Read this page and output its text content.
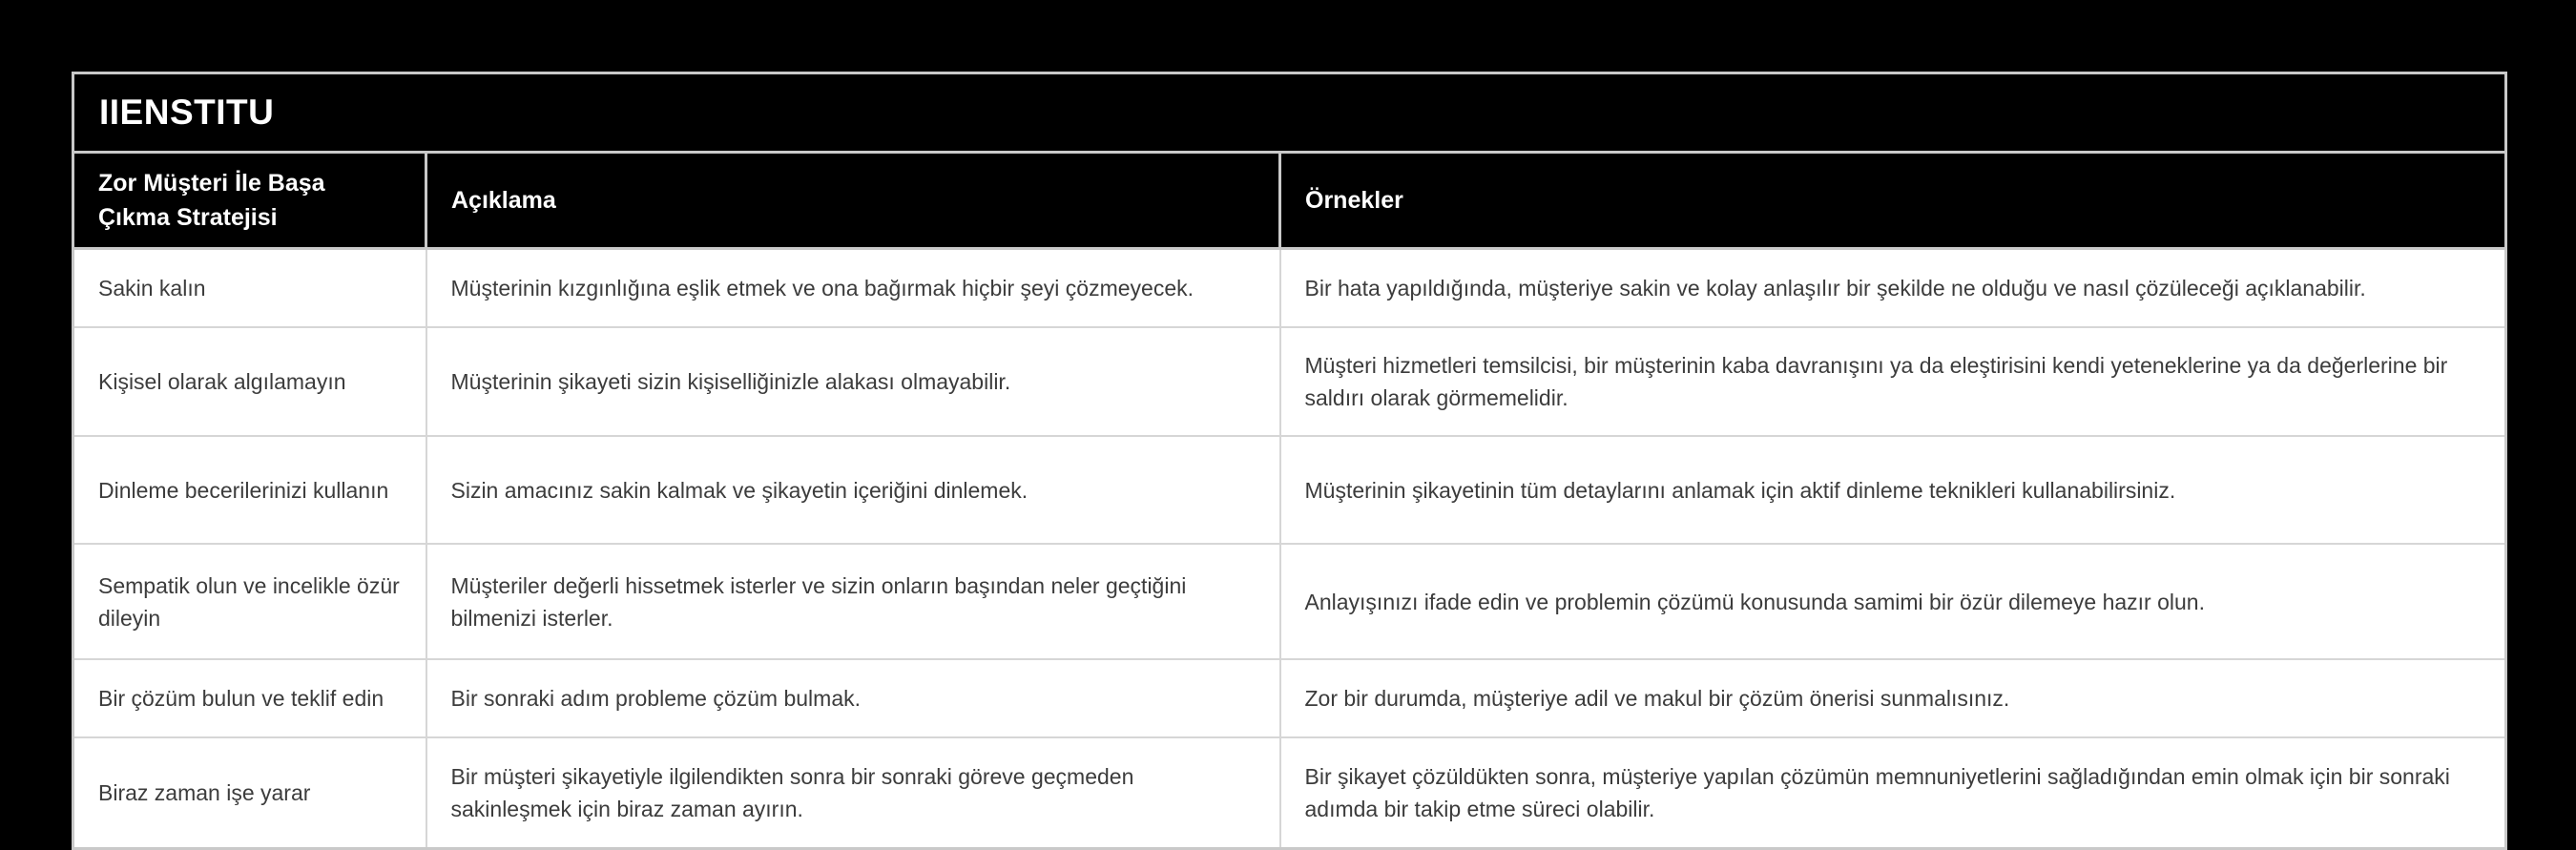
IIENSTITU		
Zor Müşteri İle Başa Çıkma Stratejisi	Açıklama	Örnekler
Sakin kalın	Müşterinin kızgınlığına eşlik etmek ve ona bağırmak hiçbir şeyi çözmeyecek.	Bir hata yapıldığında, müşteriye sakin ve kolay anlaşılır bir şekilde ne olduğu ve nasıl çözüleceği açıklanabilir.
Kişisel olarak algılamayın	Müşterinin şikayeti sizin kişiselliğinizle alakası olmayabilir.	Müşteri hizmetleri temsilcisi, bir müşterinin kaba davranışını ya da eleştirisini kendi yeteneklerine ya da değerlerine bir saldırı olarak görmemelidir.
Dinleme becerilerinizi kullanın	Sizin amacınız sakin kalmak ve şikayetin içeriğini dinlemek.	Müşterinin şikayetinin tüm detaylarını anlamak için aktif dinleme teknikleri kullanabilirsiniz.
Sempatik olun ve incelikle özür dileyin	Müşteriler değerli hissetmek isterler ve sizin onların başından neler geçtiğini bilmenizi isterler.	Anlayışınızı ifade edin ve problemin çözümü konusunda samimi bir özür dilemeye hazır olun.
Bir çözüm bulun ve teklif edin	Bir sonraki adım probleme çözüm bulmak.	Zor bir durumda, müşteriye adil ve makul bir çözüm önerisi sunmalısınız.
Biraz zaman işe yarar	Bir müşteri şikayetiyle ilgilendikten sonra bir sonraki göreve geçmeden sakinleşmek için biraz zaman ayırın.	Bir şikayet çözüldükten sonra, müşteriye yapılan çözümün memnuniyetlerini sağladığından emin olmak için bir sonraki adımda bir takip etme süreci olabilir.
